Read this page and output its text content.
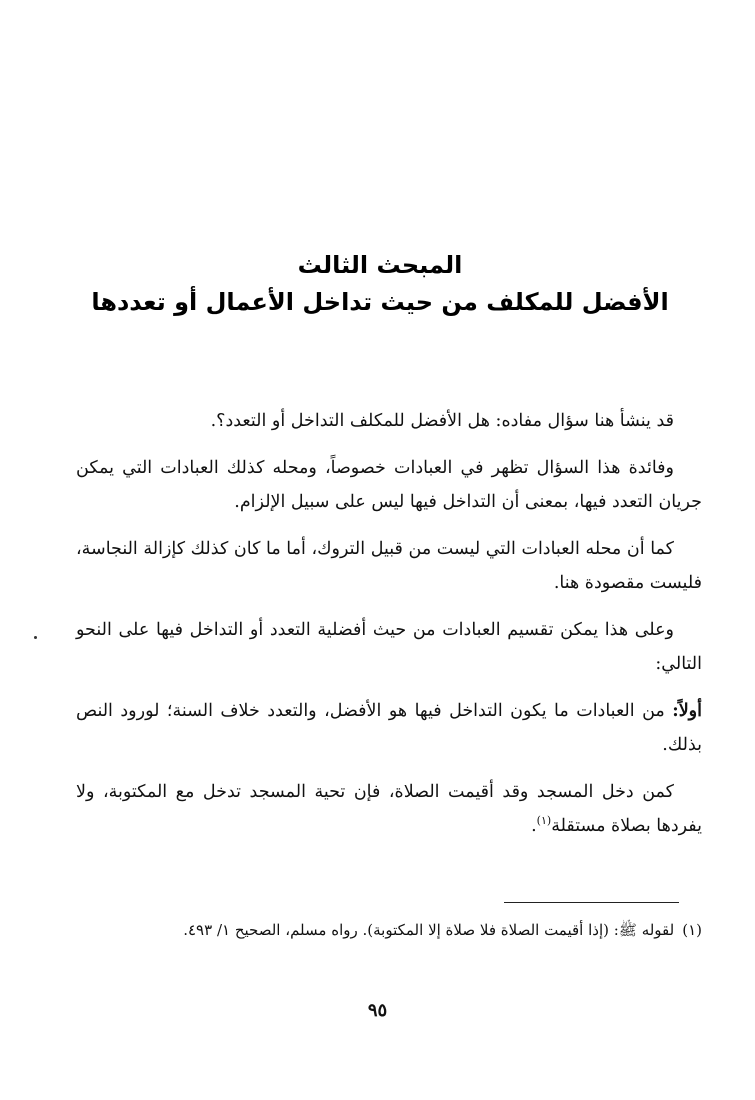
المبحث الثالث

الأفضل للمكلف من حيث تداخل الأعمال أو تعددها

قد ينشأ هنا سؤال مفاده: هل الأفضل للمكلف التداخل أو التعدد؟.

وفائدة هذا السؤال تظهر في العبادات خصوصاً، ومحله كذلك العبادات التي يمكن جريان التعدد فيها، بمعنى أن التداخل فيها ليس على سبيل الإلزام.

كما أن محله العبادات التي ليست من قبيل التروك، أما ما كان كذلك كإزالة النجاسة، فليست مقصودة هنا.

وعلى هذا يمكن تقسيم العبادات من حيث أفضلية التعدد أو التداخل فيها على النحو التالي:

أولاً: من العبادات ما يكون التداخل فيها هو الأفضل، والتعدد خلاف السنة؛ لورود النص بذلك.

كمن دخل المسجد وقد أقيمت الصلاة، فإن تحية المسجد تدخل مع المكتوبة، ولا يفردها بصلاة مستقلة$^{(١)}$.

(١)لقوله ﷺ: (إذا أقيمت الصلاة فلا صلاة إلا المكتوبة). رواه مسلم، الصحيح ١/ ٤٩٣.
٩٥
